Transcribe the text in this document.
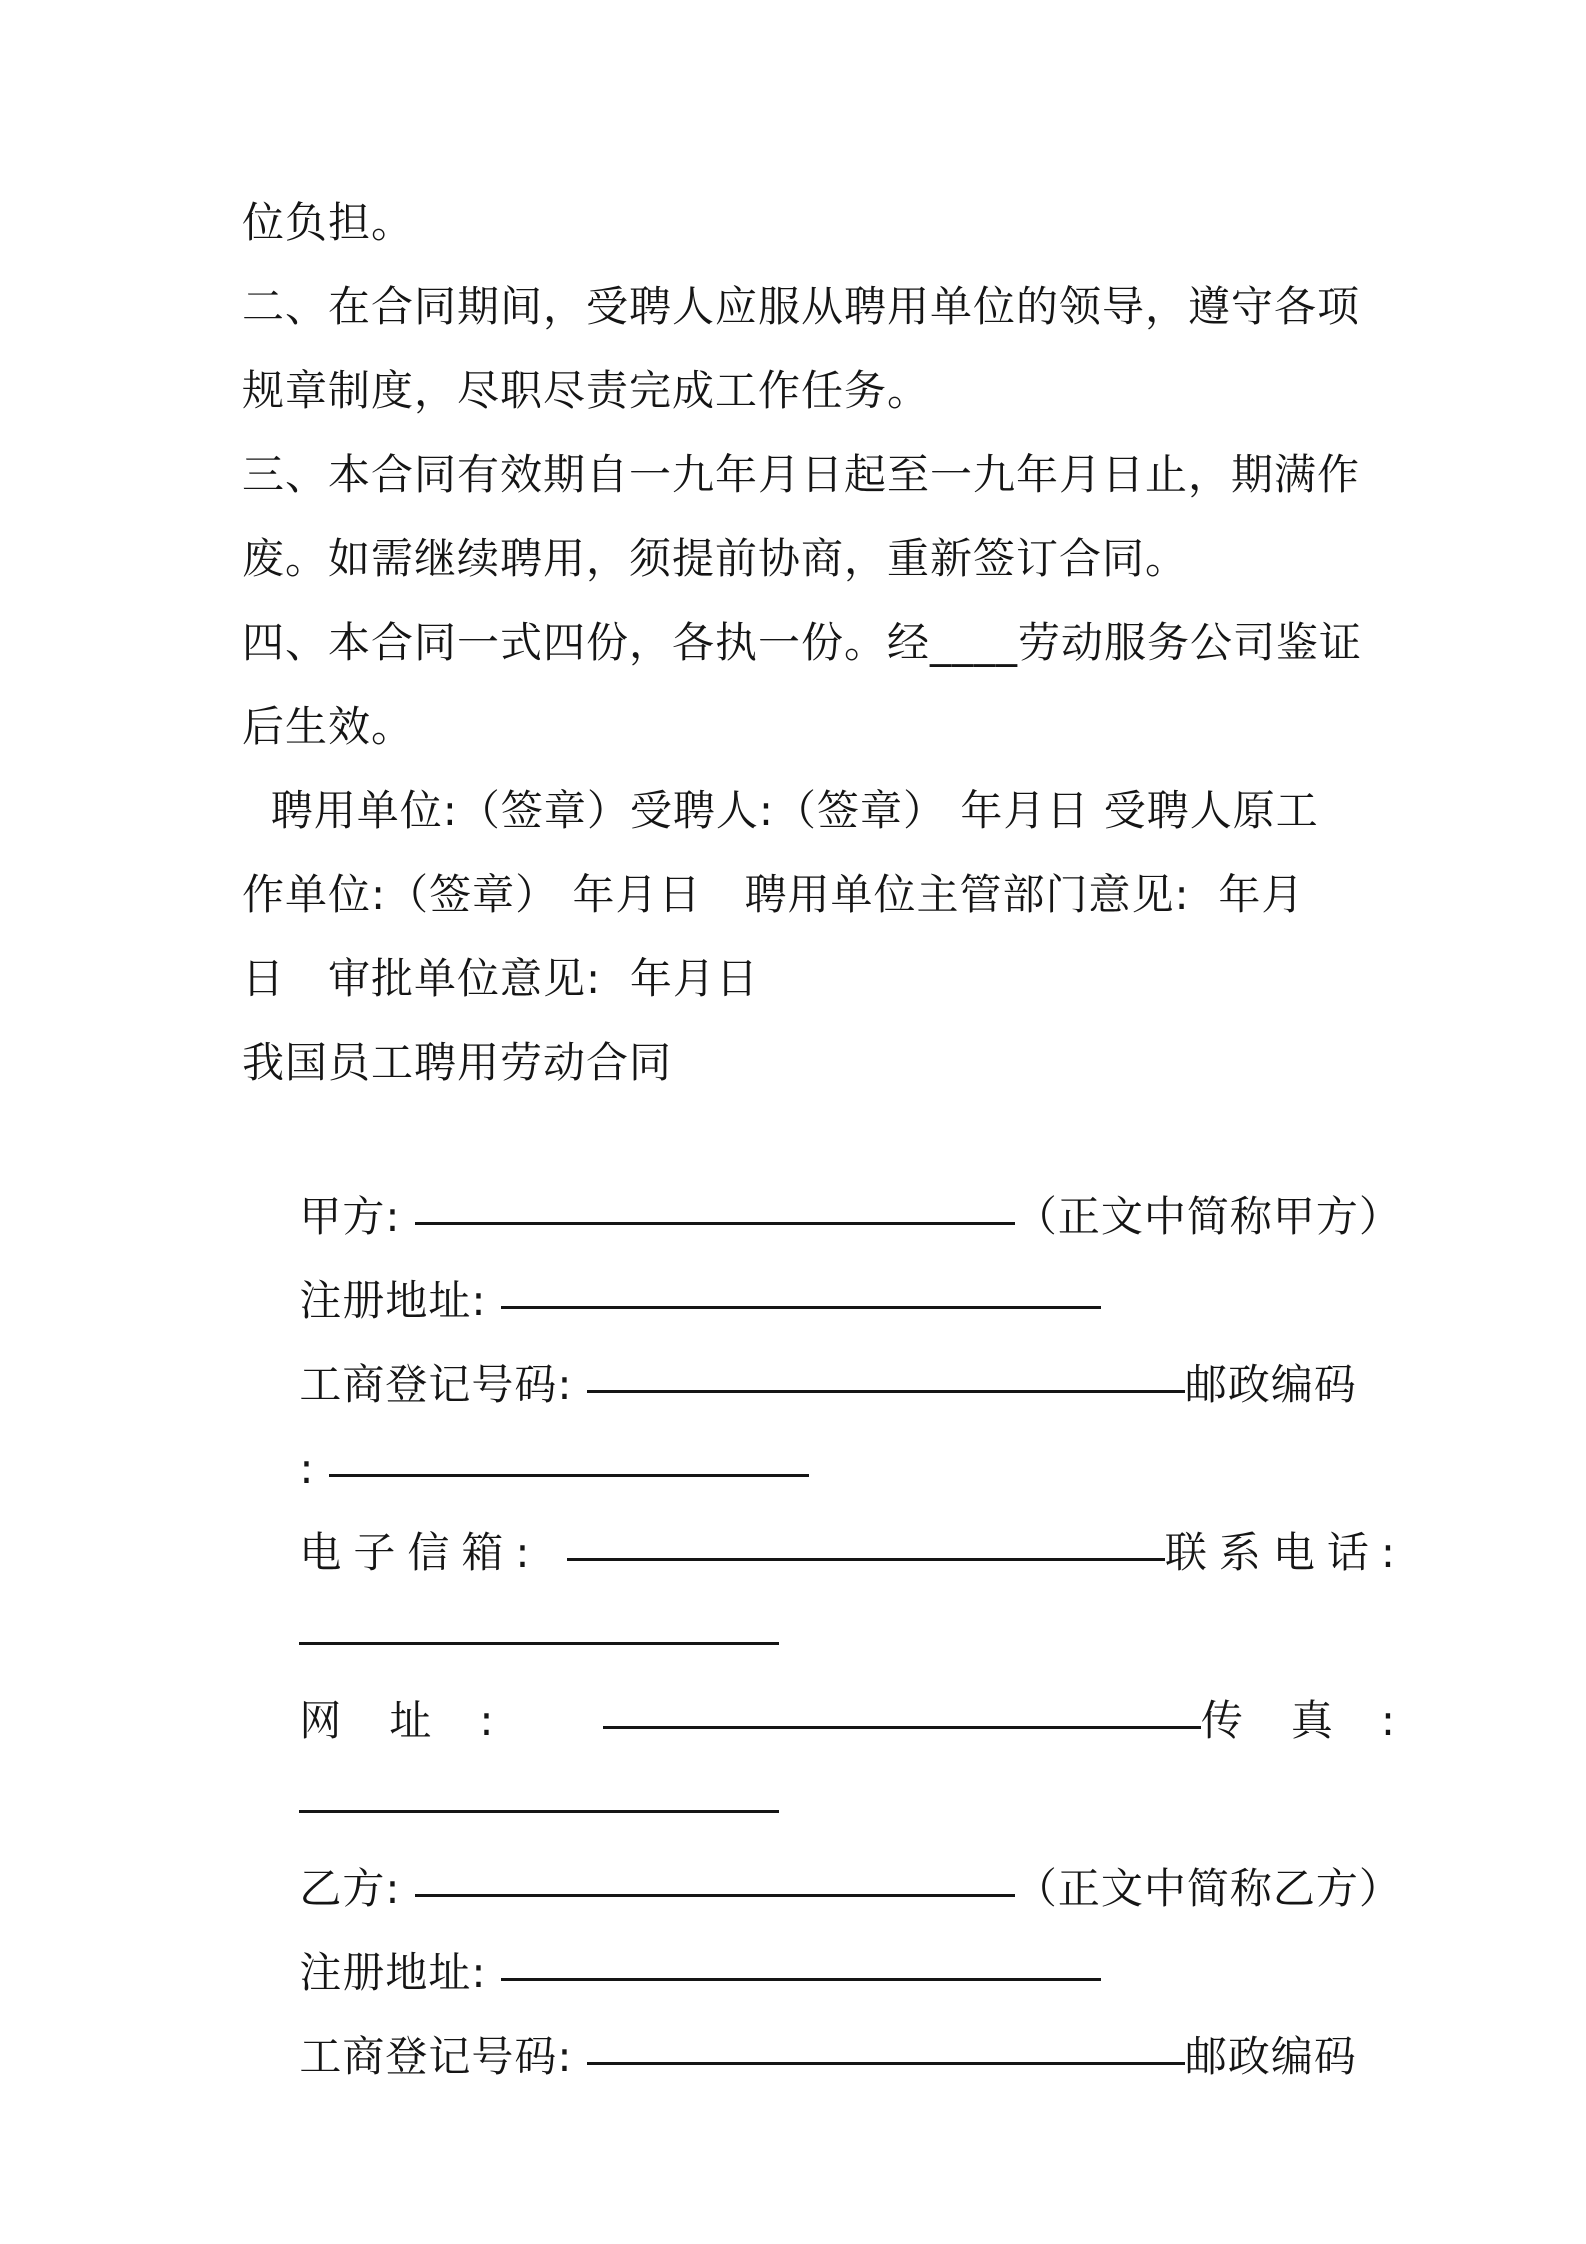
位负担。
二、在合同期间，受聘人应服从聘用单位的领导，遵守各项
规章制度，尽职尽责完成工作任务。
三、本合同有效期自一九年月日起至一九年月日止，期满作
废。如需继续聘用，须提前协商，重新签订合同。
四、本合同一式四份，各执一份。经____劳动服务公司鉴证
后生效。
聘用单位:（签章）受聘人:（签章） 年月日 受聘人原工
作单位:（签章） 年月日   聘用单位主管部门意见:  年月
日   审批单位意见:  年月日
我国员工聘用劳动合同

甲方:	（正文中简称甲方）

注册地址:

工商登记号码:	邮政编码

:

电子信箱:	联系电话:

网址:	传真:

乙方:	（正文中简称乙方）

注册地址:

工商登记号码:	邮政编码
